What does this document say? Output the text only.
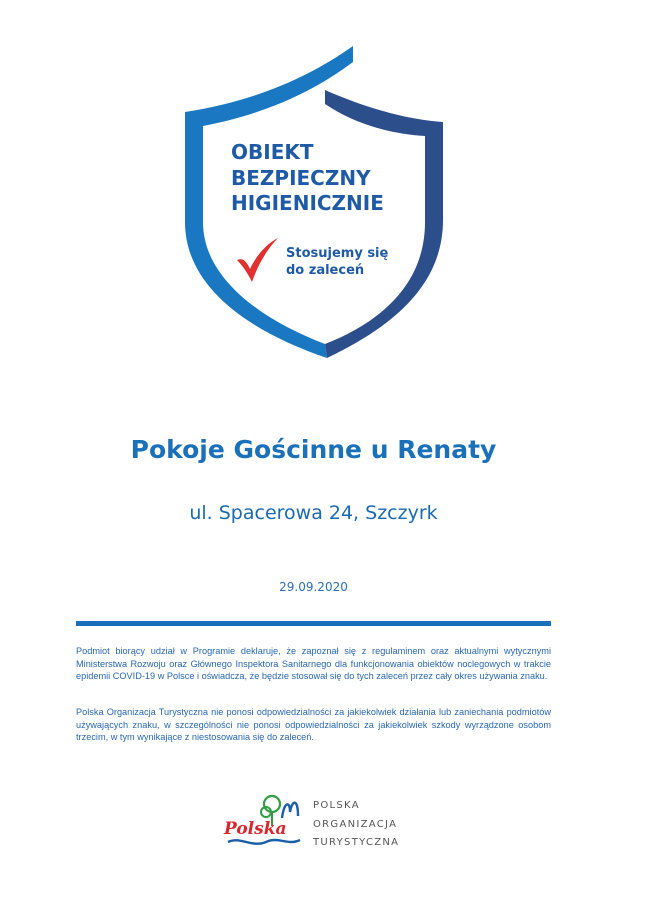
OBIEKT
BEZPIECZNY
HIGIENICZNIE
Stosujemy się
do zaleceń
Pokoje Gościnne u Renaty
ul. Spacerowa 24, Szczyrk
29.09.2020
Podmiot biorący udział w Programie deklaruje, że zapoznał się z regulaminem oraz aktualnymi wytycznymi Ministerstwa Rozwoju oraz Głównego Inspektora Sanitarnego dla funkcjonowania obiektów noclegowych w trakcie epidemii COVID-19 w Polsce i oświadcza, że będzie stosował się do tych zaleceń przez cały okres używania znaku.
Polska Organizacja Turystyczna nie ponosi odpowiedzialności za jakiekolwiek działania lub zaniechania podmiotów używających znaku, w szczególności nie ponosi odpowiedzialności za jakiekolwiek szkody wyrządzone osobom trzecim, w tym wynikające z niestosowania się do zaleceń.
Polska
POLSKA
ORGANIZACJA
TURYSTYCZNA
